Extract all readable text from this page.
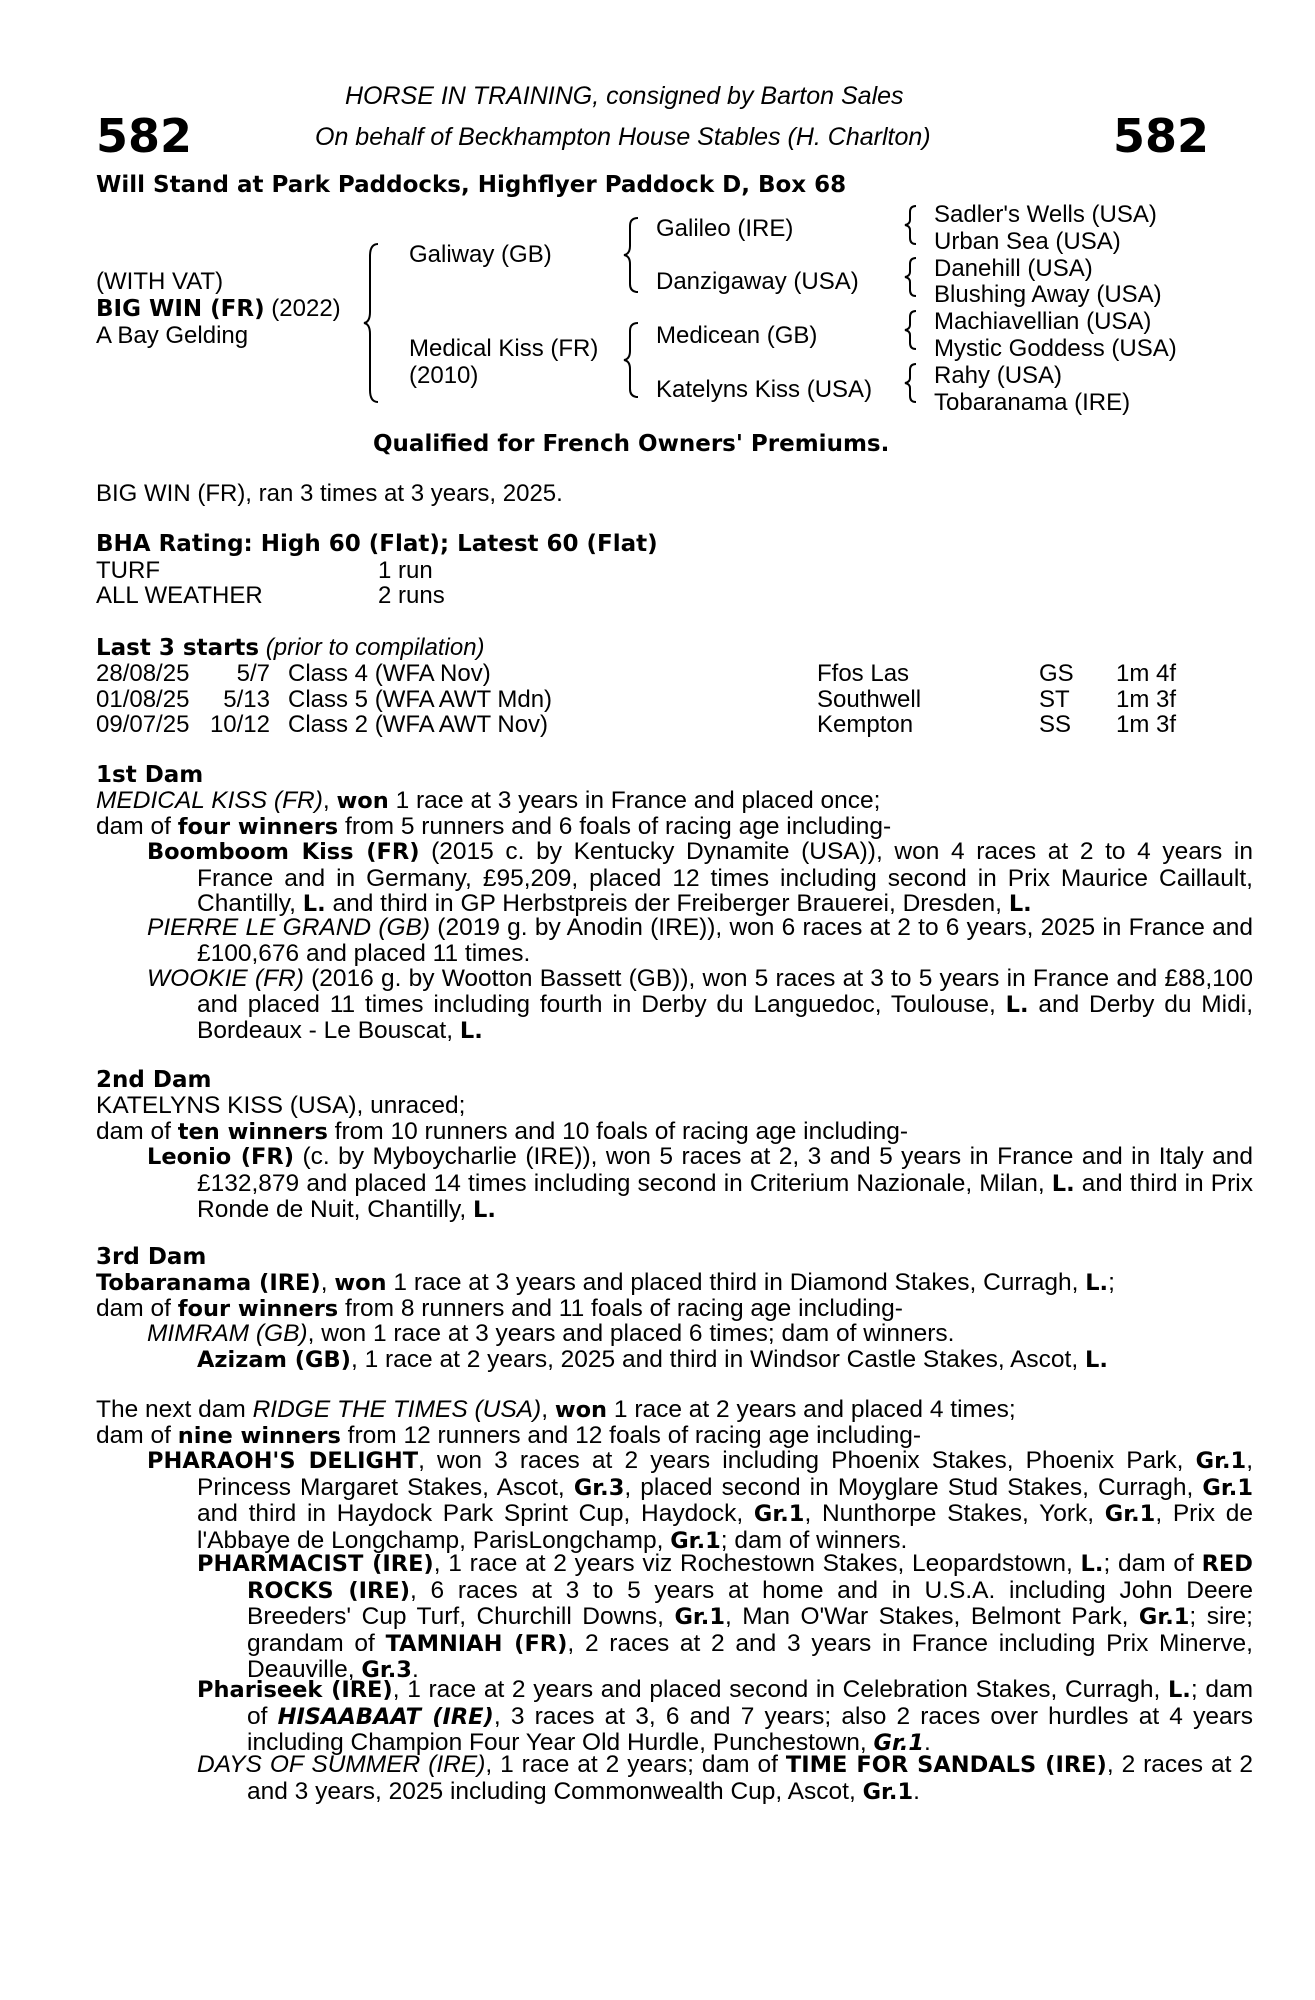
582	582
HORSE IN TRAINING, consigned by Barton Sales
On behalf of Beckhampton House Stables (H. Charlton)
Will Stand at Park Paddocks, Highflyer Paddock D, Box 68
(WITH VAT)
BIG WIN (FR) (2022)
A Bay Gelding
Galiway (GB)
Medical Kiss (FR)
(2010)
Galileo (IRE)
Danzigaway (USA)
Medicean (GB)
Katelyns Kiss (USA)
Sadler's Wells (USA)
Urban Sea (USA)
Danehill (USA)
Blushing Away (USA)
Machiavellian (USA)
Mystic Goddess (USA)
Rahy (USA)
Tobaranama (IRE)
Qualified for French Owners' Premiums.
BIG WIN (FR), ran 3 times at 3 years, 2025.
BHA Rating: High 60 (Flat); Latest 60 (Flat)
TURF	1 run
ALL WEATHER	2 runs
Last 3 starts (prior to compilation)
28/08/25	5/7 Class 4 (WFA Nov)	Ffos Las	GS 1m 4f
01/08/25	5/13 Class 5 (WFA AWT Mdn)	Southwell	ST 1m 3f
09/07/25 10/12 Class 2 (WFA AWT Nov)	Kempton	SS 1m 3f
1st Dam
MEDICAL KISS (FR), won 1 race at 3 years in France and placed once;
dam of four winners from 5 runners and 6 foals of racing age including-
Boomboom Kiss (FR) (2015 c. by Kentucky Dynamite (USA)), won 4 races at 2 to 4 years in France and in Germany, £95,209, placed 12 times including second in Prix Maurice Caillault, Chantilly, L. and third in GP Herbstpreis der Freiberger Brauerei, Dresden, L.
PIERRE LE GRAND (GB) (2019 g. by Anodin (IRE)), won 6 races at 2 to 6 years, 2025 in France and £100,676 and placed 11 times.
WOOKIE (FR) (2016 g. by Wootton Bassett (GB)), won 5 races at 3 to 5 years in France and £88,100 and placed 11 times including fourth in Derby du Languedoc, Toulouse, L. and Derby du Midi, Bordeaux - Le Bouscat, L.
2nd Dam
KATELYNS KISS (USA), unraced;
dam of ten winners from 10 runners and 10 foals of racing age including-
Leonio (FR) (c. by Myboycharlie (IRE)), won 5 races at 2, 3 and 5 years in France and in Italy and £132,879 and placed 14 times including second in Criterium Nazionale, Milan, L. and third in Prix Ronde de Nuit, Chantilly, L.
3rd Dam
Tobaranama (IRE), won 1 race at 3 years and placed third in Diamond Stakes, Curragh, L.;
dam of four winners from 8 runners and 11 foals of racing age including-
MIMRAM (GB), won 1 race at 3 years and placed 6 times; dam of winners.
Azizam (GB), 1 race at 2 years, 2025 and third in Windsor Castle Stakes, Ascot, L.
The next dam RIDGE THE TIMES (USA), won 1 race at 2 years and placed 4 times;
dam of nine winners from 12 runners and 12 foals of racing age including-
PHARAOH'S DELIGHT, won 3 races at 2 years including Phoenix Stakes, Phoenix Park, Gr.1, Princess Margaret Stakes, Ascot, Gr.3, placed second in Moyglare Stud Stakes, Curragh, Gr.1 and third in Haydock Park Sprint Cup, Haydock, Gr.1, Nunthorpe Stakes, York, Gr.1, Prix de l'Abbaye de Longchamp, ParisLongchamp, Gr.1; dam of winners.
PHARMACIST (IRE), 1 race at 2 years viz Rochestown Stakes, Leopardstown, L.; dam of RED ROCKS (IRE), 6 races at 3 to 5 years at home and in U.S.A. including John Deere Breeders' Cup Turf, Churchill Downs, Gr.1, Man O'War Stakes, Belmont Park, Gr.1; sire; grandam of TAMNIAH (FR), 2 races at 2 and 3 years in France including Prix Minerve, Deauville, Gr.3.
Phariseek (IRE), 1 race at 2 years and placed second in Celebration Stakes, Curragh, L.; dam of HISAABAAT (IRE), 3 races at 3, 6 and 7 years; also 2 races over hurdles at 4 years including Champion Four Year Old Hurdle, Punchestown, Gr.1.
DAYS OF SUMMER (IRE), 1 race at 2 years; dam of TIME FOR SANDALS (IRE), 2 races at 2 and 3 years, 2025 including Commonwealth Cup, Ascot, Gr.1.
